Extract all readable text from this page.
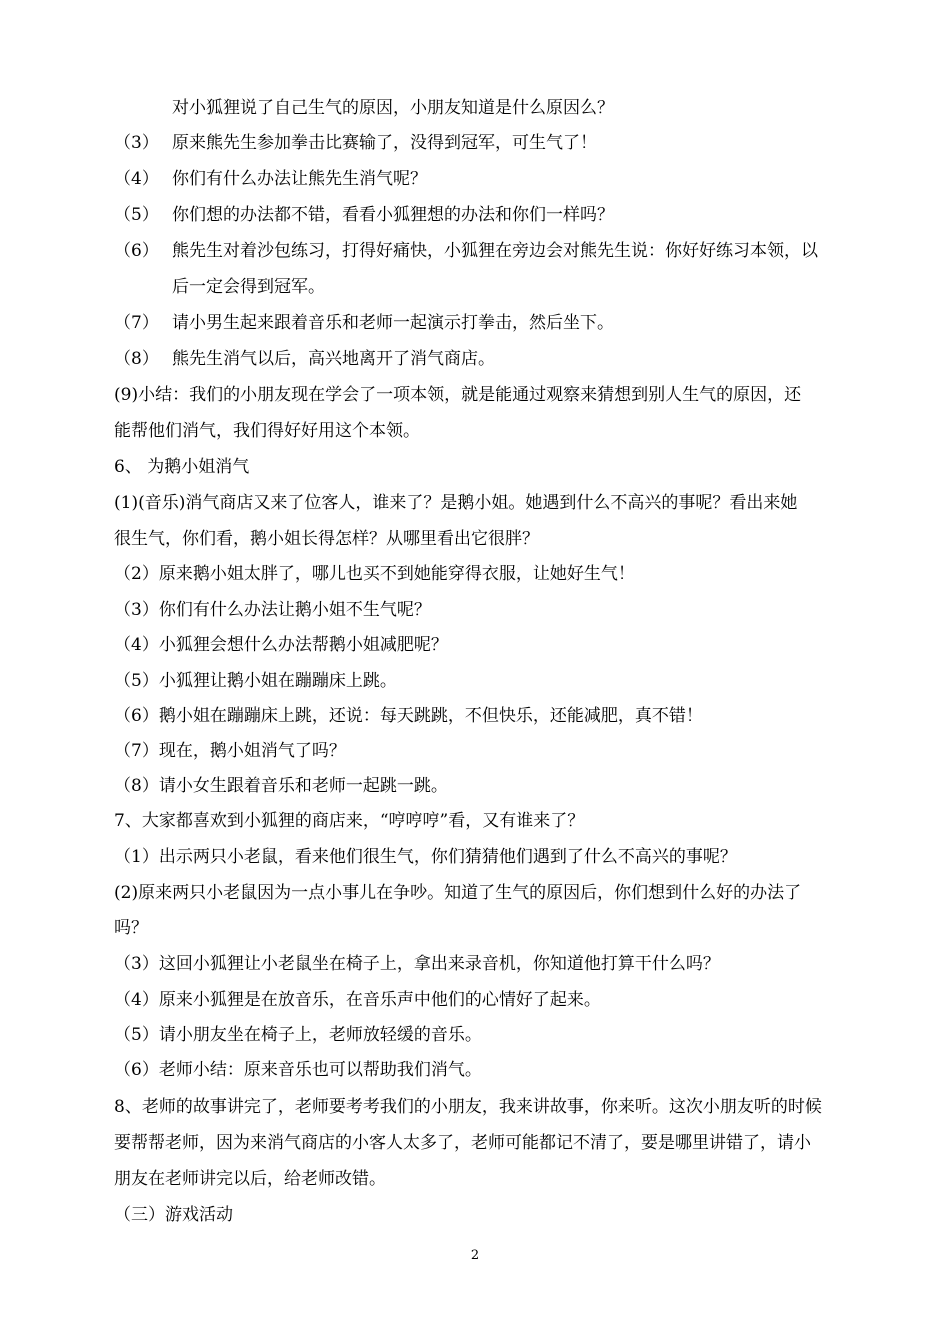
对小狐狸说了自己生气的原因，小朋友知道是什么原因么？
（3） 原来熊先生参加拳击比赛输了，没得到冠军，可生气了！
（4） 你们有什么办法让熊先生消气呢？
（5） 你们想的办法都不错，看看小狐狸想的办法和你们一样吗？
（6） 熊先生对着沙包练习，打得好痛快，小狐狸在旁边会对熊先生说：你好好练习本领，以
后一定会得到冠军。
（7） 请小男生起来跟着音乐和老师一起演示打拳击，然后坐下。
（8） 熊先生消气以后，高兴地离开了消气商店。
(9)小结：我们的小朋友现在学会了一项本领，就是能通过观察来猜想到别人生气的原因，还
能帮他们消气，我们得好好用这个本领。
6、 为鹅小姐消气
(1)(音乐)消气商店又来了位客人，谁来了？是鹅小姐。她遇到什么不高兴的事呢？看出来她
很生气，你们看，鹅小姐长得怎样？从哪里看出它很胖？
（2）原来鹅小姐太胖了，哪儿也买不到她能穿得衣服，让她好生气！
（3）你们有什么办法让鹅小姐不生气呢？
（4）小狐狸会想什么办法帮鹅小姐减肥呢？
（5）小狐狸让鹅小姐在蹦蹦床上跳。
（6）鹅小姐在蹦蹦床上跳，还说：每天跳跳，不但快乐，还能减肥，真不错！
（7）现在，鹅小姐消气了吗？
（8）请小女生跟着音乐和老师一起跳一跳。
7、大家都喜欢到小狐狸的商店来，“哼哼哼”看，又有谁来了？
（1）出示两只小老鼠，看来他们很生气，你们猜猜他们遇到了什么不高兴的事呢？
(2)原来两只小老鼠因为一点小事儿在争吵。知道了生气的原因后，你们想到什么好的办法了
吗？
（3）这回小狐狸让小老鼠坐在椅子上，拿出来录音机，你知道他打算干什么吗？
（4）原来小狐狸是在放音乐，在音乐声中他们的心情好了起来。
（5）请小朋友坐在椅子上，老师放轻缓的音乐。
（6）老师小结：原来音乐也可以帮助我们消气。
8、老师的故事讲完了，老师要考考我们的小朋友，我来讲故事，你来听。这次小朋友听的时候
要帮帮老师，因为来消气商店的小客人太多了，老师可能都记不清了，要是哪里讲错了，请小
朋友在老师讲完以后，给老师改错。
（三）游戏活动
2
